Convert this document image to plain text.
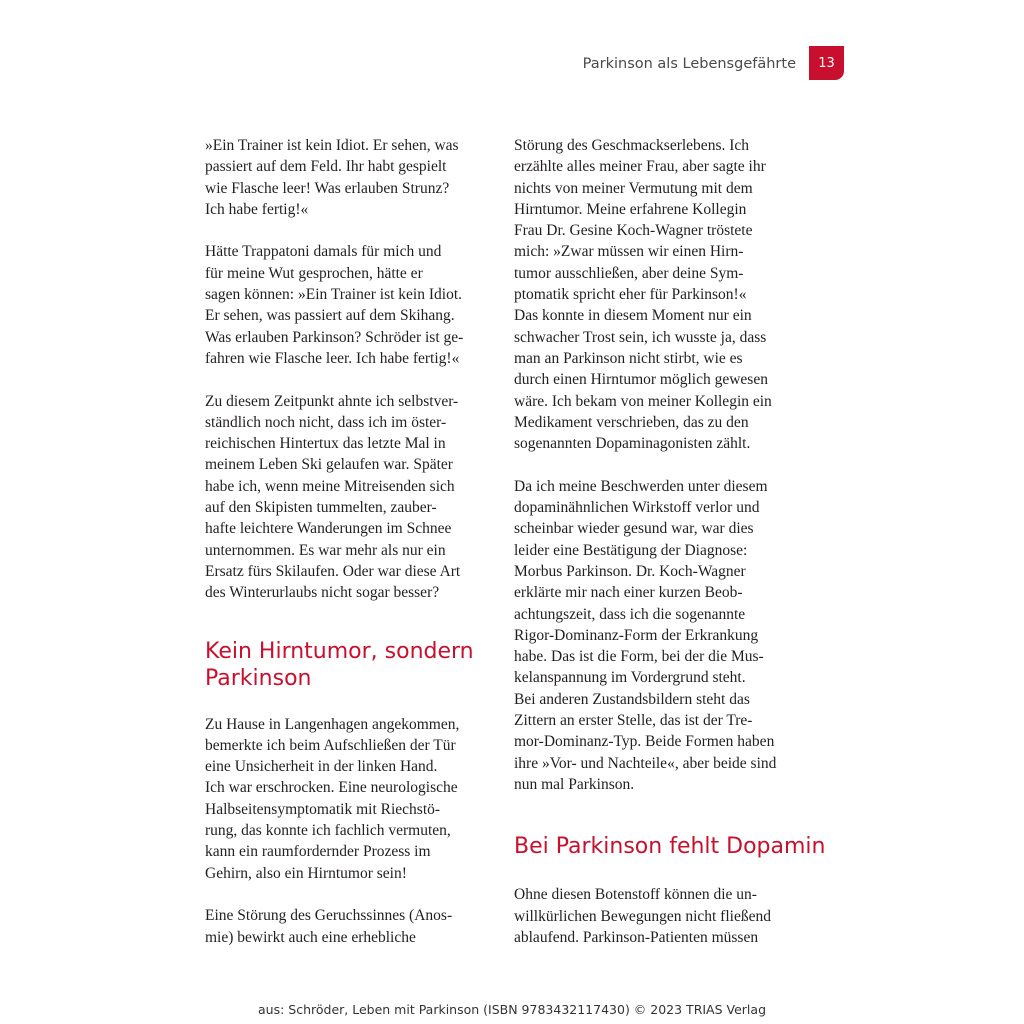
Parkinson als Lebensgefährte	13

»Ein Trainer ist kein Idiot. Er sehen, was
passiert auf dem Feld. Ihr habt gespielt
wie Flasche leer! Was erlauben Strunz?
Ich habe fertig!«

Hätte Trappatoni damals für mich und
für meine Wut gesprochen, hätte er
sagen können: »Ein Trainer ist kein Idiot.
Er sehen, was passiert auf dem Skihang.
Was erlauben Parkinson? Schröder ist ge-
fahren wie Flasche leer. Ich habe fertig!«

Zu diesem Zeitpunkt ahnte ich selbstver-
ständlich noch nicht, dass ich im öster-
reichischen Hintertux das letzte Mal in
meinem Leben Ski gelaufen war. Später
habe ich, wenn meine Mitreisenden sich
auf den Skipisten tummelten, zauber-
hafte leichtere Wanderungen im Schnee
unternommen. Es war mehr als nur ein
Ersatz fürs Skilaufen. Oder war diese Art
des Winterurlaubs nicht sogar besser?

Kein Hirntumor, sondern
Parkinson

Zu Hause in Langenhagen angekommen,
bemerkte ich beim Aufschließen der Tür
eine Unsicherheit in der linken Hand.
Ich war erschrocken. Eine neurologische
Halbseitensymptomatik mit Riechstö-
rung, das konnte ich fachlich vermuten,
kann ein raumfordernder Prozess im
Gehirn, also ein Hirntumor sein!

Eine Störung des Geruchssinnes (Anos-
mie) bewirkt auch eine erhebliche

Störung des Geschmackserlebens. Ich
erzählte alles meiner Frau, aber sagte ihr
nichts von meiner Vermutung mit dem
Hirntumor. Meine erfahrene Kollegin
Frau Dr. Gesine Koch-Wagner tröstete
mich: »Zwar müssen wir einen Hirn-
tumor ausschließen, aber deine Sym-
ptomatik spricht eher für Parkinson!«
Das konnte in diesem Moment nur ein
schwacher Trost sein, ich wusste ja, dass
man an Parkinson nicht stirbt, wie es
durch einen Hirntumor möglich gewesen
wäre. Ich bekam von meiner Kollegin ein
Medikament verschrieben, das zu den
sogenannten Dopaminagonisten zählt.

Da ich meine Beschwerden unter diesem
dopaminähnlichen Wirkstoff verlor und
scheinbar wieder gesund war, war dies
leider eine Bestätigung der Diagnose:
Morbus Parkinson. Dr. Koch-Wagner
erklärte mir nach einer kurzen Beob-
achtungszeit, dass ich die sogenannte
Rigor-Dominanz-Form der Erkrankung
habe. Das ist die Form, bei der die Mus-
kelanspannung im Vordergrund steht.
Bei anderen Zustandsbildern steht das
Zittern an erster Stelle, das ist der Tre-
mor-Dominanz-Typ. Beide Formen haben
ihre »Vor- und Nachteile«, aber beide sind
nun mal Parkinson.

Bei Parkinson fehlt Dopamin

Ohne diesen Botenstoff können die un-
willkürlichen Bewegungen nicht fließend
ablaufend. Parkinson-Patienten müssen

aus: Schröder, Leben mit Parkinson (ISBN 9783432117430) © 2023 TRIAS Verlag
